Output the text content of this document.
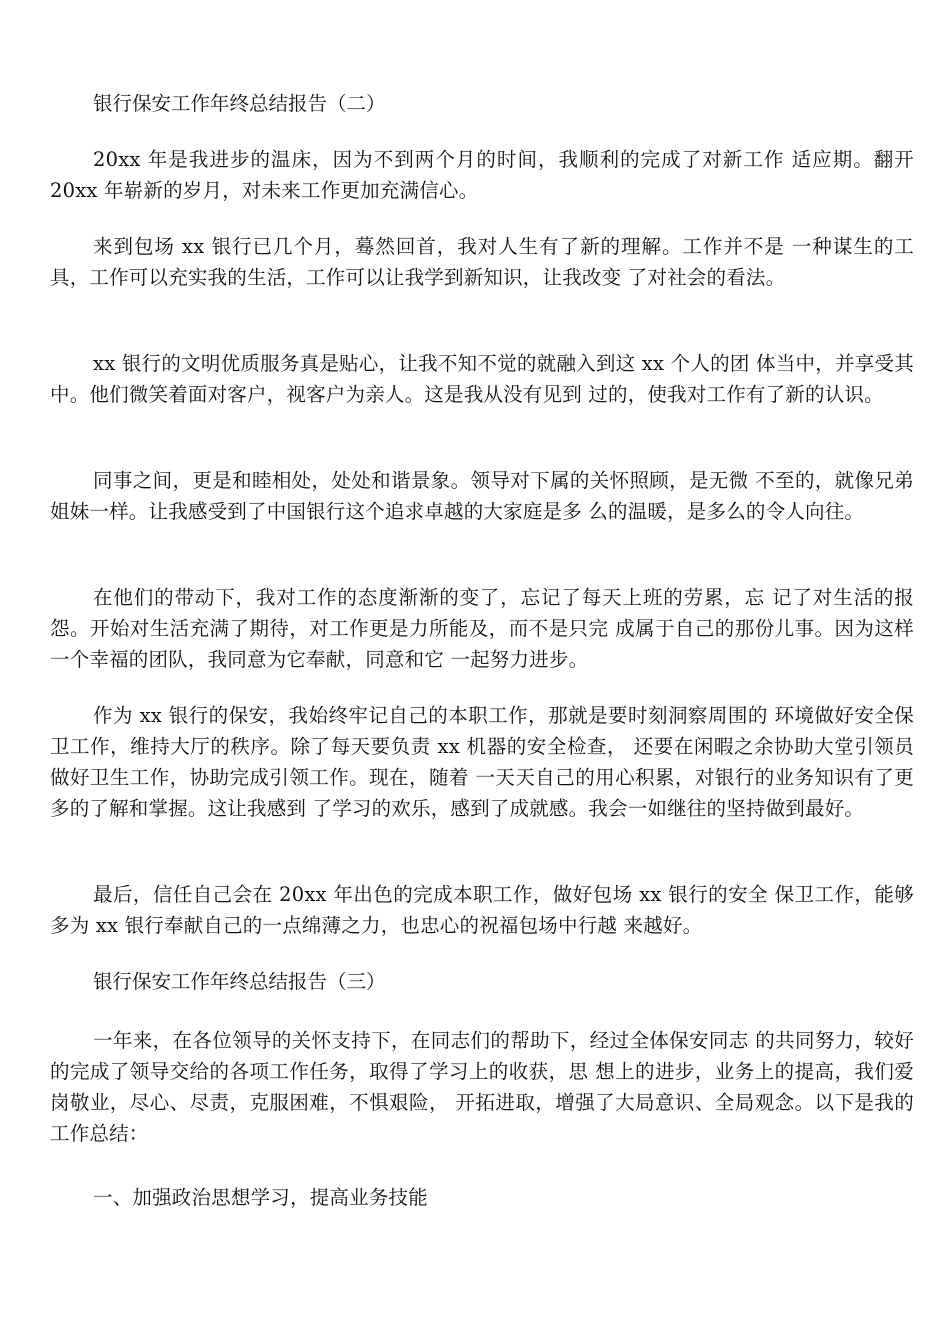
银行保安工作年终总结报告（二）

20xx 年是我进步的温床，因为不到两个月的时间，我顺利的完成了对新工作 适应期。翻开 20xx 年崭新的岁月，对未来工作更加充满信心。

来到包场 xx 银行已几个月，蓦然回首，我对人生有了新的理解。工作并不是 一种谋生的工具，工作可以充实我的生活，工作可以让我学到新知识，让我改变 了对社会的看法。

xx 银行的文明优质服务真是贴心，让我不知不觉的就融入到这 xx 个人的团 体当中，并享受其中。他们微笑着面对客户，视客户为亲人。这是我从没有见到 过的，使我对工作有了新的认识。

同事之间，更是和睦相处，处处和谐景象。领导对下属的关怀照顾，是无微 不至的，就像兄弟姐妹一样。让我感受到了中国银行这个追求卓越的大家庭是多 么的温暖，是多么的令人向往。

在他们的带动下，我对工作的态度渐渐的变了，忘记了每天上班的劳累，忘 记了对生活的报怨。开始对生活充满了期待，对工作更是力所能及，而不是只完 成属于自己的那份儿事。因为这样一个幸福的团队，我同意为它奉献，同意和它 一起努力进步。

作为 xx 银行的保安，我始终牢记自己的本职工作，那就是要时刻洞察周围的 环境做好安全保卫工作，维持大厅的秩序。除了每天要负责 xx 机器的安全检查， 还要在闲暇之余协助大堂引领员做好卫生工作，协助完成引领工作。现在，随着 一天天自己的用心积累，对银行的业务知识有了更多的了解和掌握。这让我感到 了学习的欢乐，感到了成就感。我会一如继往的坚持做到最好。

最后，信任自己会在 20xx 年出色的完成本职工作，做好包场 xx 银行的安全 保卫工作，能够多为 xx 银行奉献自己的一点绵薄之力，也忠心的祝福包场中行越 来越好。

银行保安工作年终总结报告（三）

一年来，在各位领导的关怀支持下，在同志们的帮助下，经过全体保安同志 的共同努力，较好的完成了领导交给的各项工作任务，取得了学习上的收获，思 想上的进步，业务上的提高，我们爱岗敬业，尽心、尽责，克服困难，不惧艰险， 开拓进取，增强了大局意识、全局观念。以下是我的工作总结：

一、加强政治思想学习，提高业务技能
